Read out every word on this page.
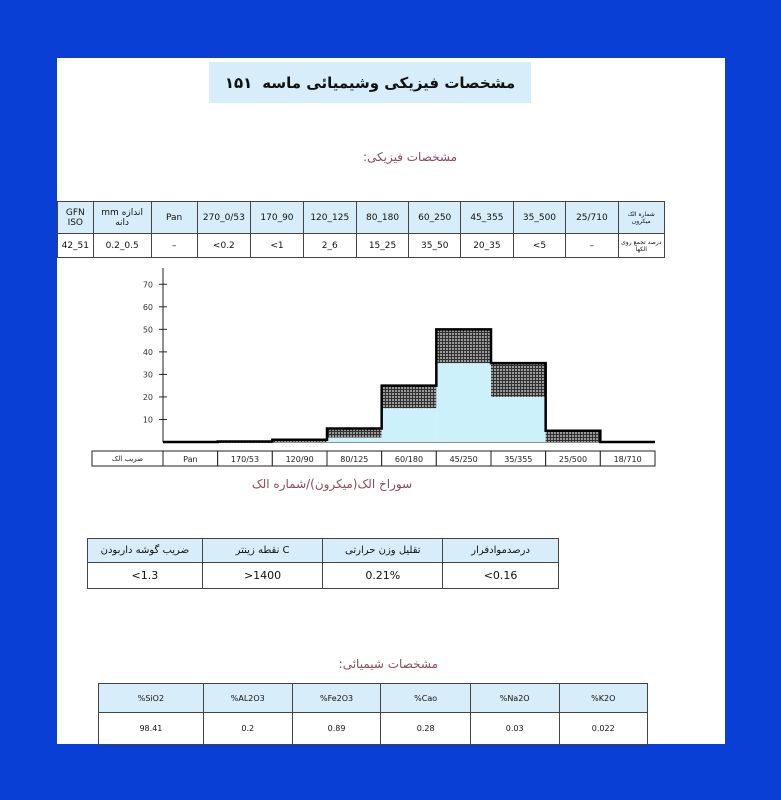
مشخصات فیزیکی وشیمیائی ماسه
۱۵۱
مشخصات فیزیکی:
GFN ISO	mm اندازه دانه	Pan	270_0/53	170_90	120_125	80_180	60_250	45_355	35_500	25/710	شماره الک میکرون
42_51	0.2_0.5	–	<0.2	<1	2_6	15_25	35_50	20_35	<5	–	درصد تجمع روی الکها
10
20
30
40
50
60
70
ضریب الک	Pan	170/53	120/90	80/125	60/180	45/250	35/355	25/500	18/710
سوراخ الک(میکرون)/شماره الک
ضریب گوشه داربودن	نقطه زینتر C	تقلیل وزن حرارتی	درصدموادفرار
<1.3	>1400	0.21%	<0.16
مشخصات شیمیائی:
%SiO2	%AL2O3	%Fe2O3	%Cao	%Na2O	%K2O
98.41	0.2	0.89	0.28	0.03	0.022
